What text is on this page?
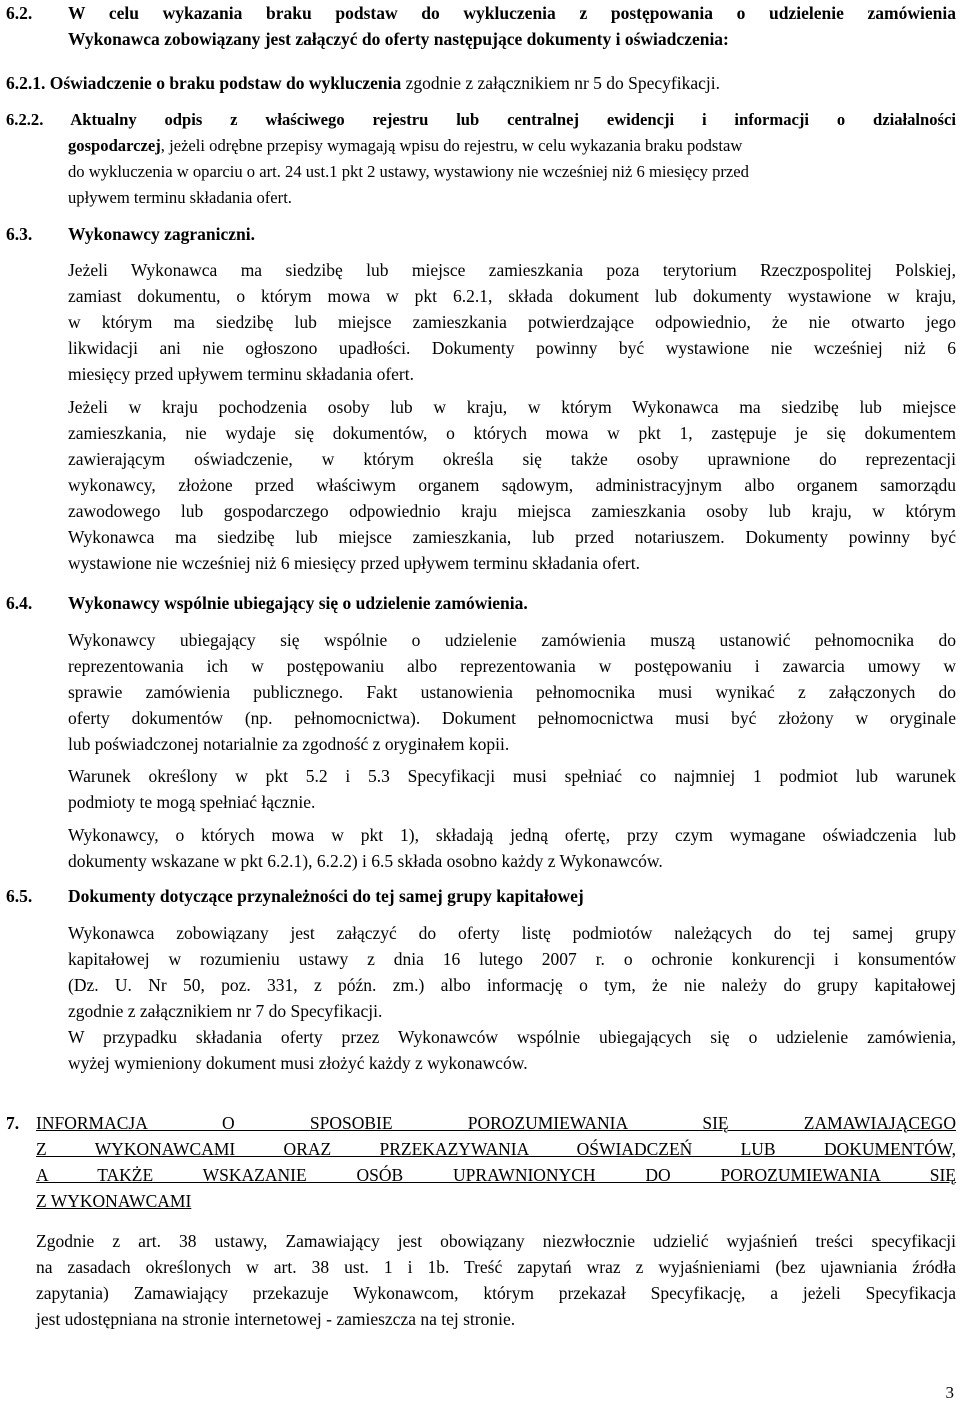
6.2. W celu wykazania braku podstaw do wykluczenia z postępowania o udzielenie zamówienia
Wykonawca zobowiązany jest załączyć do oferty następujące dokumenty i oświadczenia:
6.2.1. Oświadczenie o braku podstaw do wykluczenia zgodnie z załącznikiem nr 5 do Specyfikacji.
6.2.2. Aktualny odpis z właściwego rejestru lub centralnej ewidencji i informacji o działalności
gospodarczej, jeżeli odrębne przepisy wymagają wpisu do rejestru, w celu wykazania braku podstaw
do wykluczenia w oparciu o art. 24 ust.1 pkt 2 ustawy, wystawiony nie wcześniej niż 6 miesięcy przed
upływem terminu składania ofert.
6.3. Wykonawcy zagraniczni.
Jeżeli Wykonawca ma siedzibę lub miejsce zamieszkania poza terytorium Rzeczpospolitej Polskiej,
zamiast dokumentu, o którym mowa w pkt 6.2.1, składa dokument lub dokumenty wystawione w kraju,
w którym ma siedzibę lub miejsce zamieszkania potwierdzające odpowiednio, że nie otwarto jego
likwidacji ani nie ogłoszono upadłości. Dokumenty powinny być wystawione nie wcześniej niż 6
miesięcy przed upływem terminu składania ofert.
Jeżeli w kraju pochodzenia osoby lub w kraju, w którym Wykonawca ma siedzibę lub miejsce
zamieszkania, nie wydaje się dokumentów, o których mowa w pkt 1, zastępuje je się dokumentem
zawierającym oświadczenie, w którym określa się także osoby uprawnione do reprezentacji
wykonawcy, złożone przed właściwym organem sądowym, administracyjnym albo organem samorządu
zawodowego lub gospodarczego odpowiednio kraju miejsca zamieszkania osoby lub kraju, w którym
Wykonawca ma siedzibę lub miejsce zamieszkania, lub przed notariuszem. Dokumenty powinny być
wystawione nie wcześniej niż 6 miesięcy przed upływem terminu składania ofert.
6.4. Wykonawcy wspólnie ubiegający się o udzielenie zamówienia.
Wykonawcy ubiegający się wspólnie o udzielenie zamówienia muszą ustanowić pełnomocnika do
reprezentowania ich w postępowaniu albo reprezentowania w postępowaniu i zawarcia umowy w
sprawie zamówienia publicznego. Fakt ustanowienia pełnomocnika musi wynikać z załączonych do
oferty dokumentów (np. pełnomocnictwa). Dokument pełnomocnictwa musi być złożony w oryginale
lub poświadczonej notarialnie za zgodność z oryginałem kopii.
Warunek określony w pkt 5.2 i 5.3 Specyfikacji musi spełniać co najmniej 1 podmiot lub warunek
podmioty te mogą spełniać łącznie.
Wykonawcy, o których mowa w pkt 1), składają jedną ofertę, przy czym wymagane oświadczenia lub
dokumenty wskazane w pkt 6.2.1), 6.2.2) i 6.5 składa osobno każdy z Wykonawców.
6.5. Dokumenty dotyczące przynależności do tej samej grupy kapitałowej
Wykonawca zobowiązany jest załączyć do oferty listę podmiotów należących do tej samej grupy
kapitałowej w rozumieniu ustawy z dnia 16 lutego 2007 r. o ochronie konkurencji i konsumentów
(Dz. U. Nr 50, poz. 331, z późn. zm.) albo informację o tym, że nie należy do grupy kapitałowej
zgodnie z załącznikiem nr 7 do Specyfikacji.
W przypadku składania oferty przez Wykonawców wspólnie ubiegających się o udzielenie zamówienia,
wyżej wymieniony dokument musi złożyć każdy z wykonawców.
7. INFORMACJA O SPOSOBIE POROZUMIEWANIA SIĘ ZAMAWIAJĄCEGO
Z WYKONAWCAMI ORAZ PRZEKAZYWANIA OŚWIADCZEŃ LUB DOKUMENTÓW,
A TAKŻE WSKAZANIE OSÓB UPRAWNIONYCH DO POROZUMIEWANIA SIĘ
Z WYKONAWCAMI
Zgodnie z art. 38 ustawy, Zamawiający jest obowiązany niezwłocznie udzielić wyjaśnień treści specyfikacji
na zasadach określonych w art. 38 ust. 1 i 1b. Treść zapytań wraz z wyjaśnieniami (bez ujawniania źródła
zapytania) Zamawiający przekazuje Wykonawcom, którym przekazał Specyfikację, a jeżeli Specyfikacja
jest udostępniana na stronie internetowej - zamieszcza na tej stronie.
3
